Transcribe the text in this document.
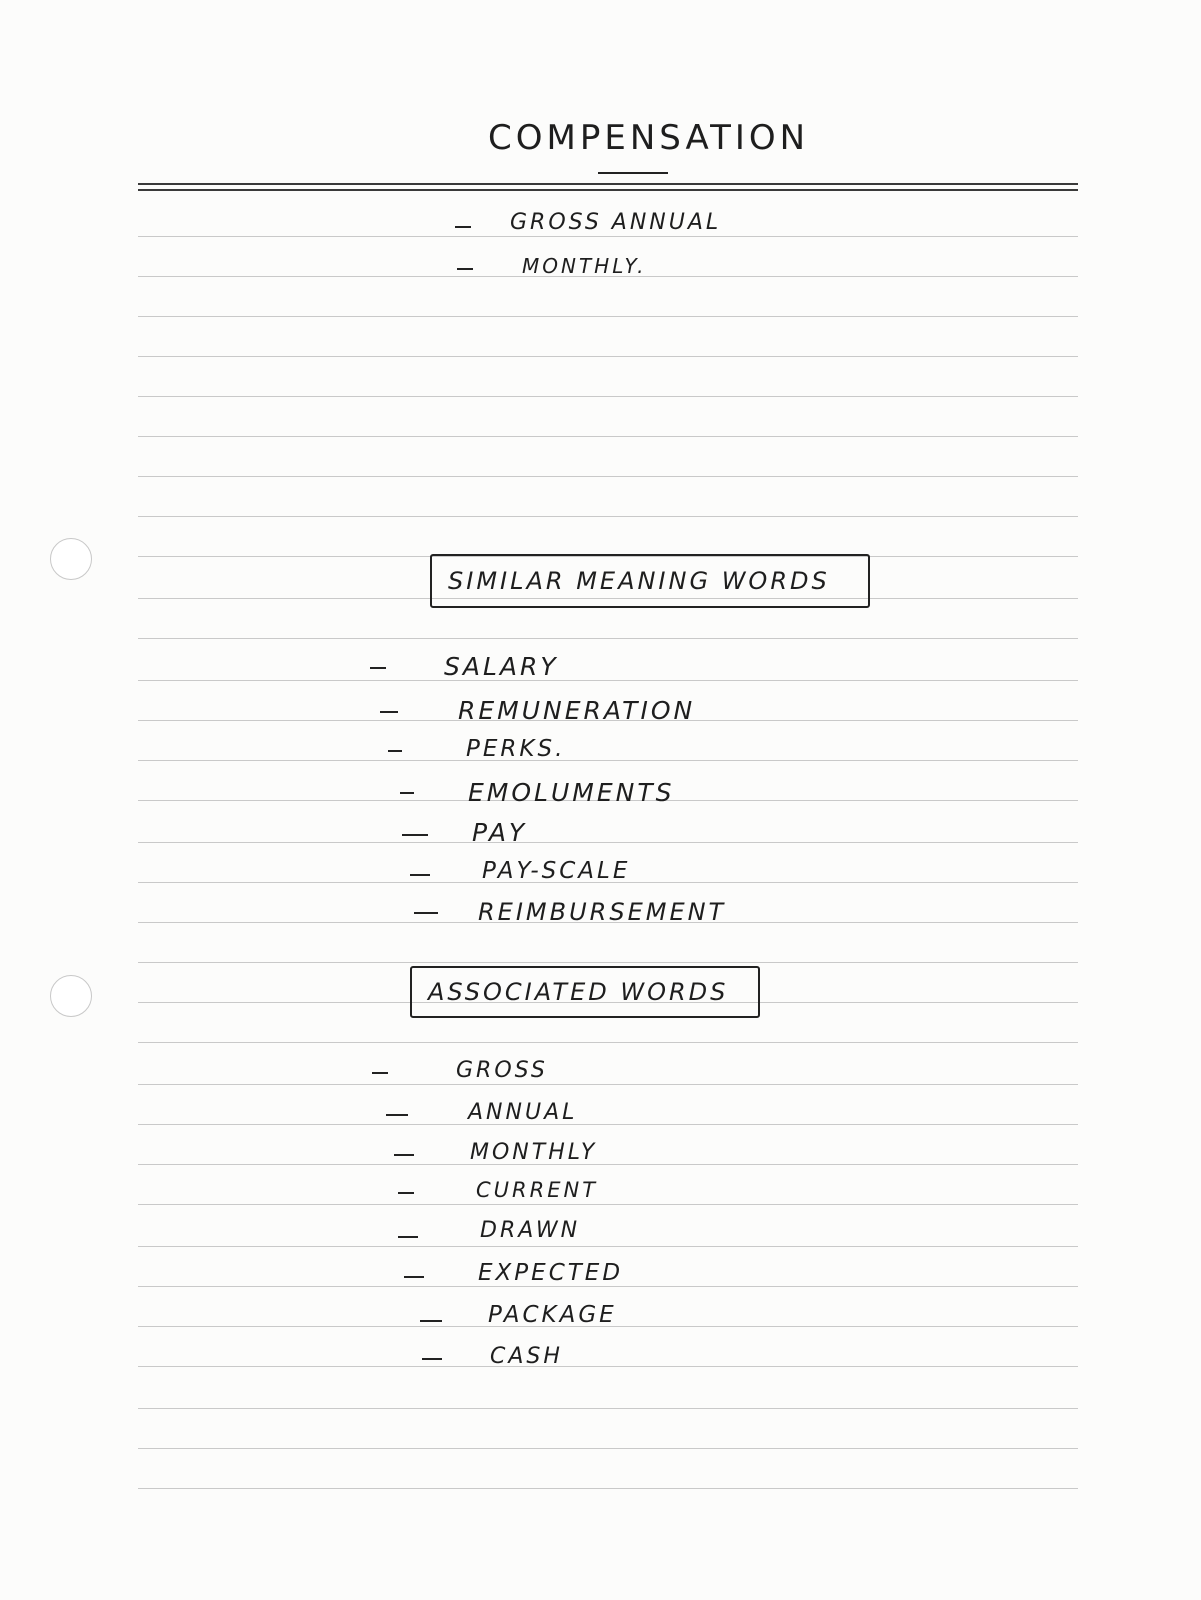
COMPENSATION
GROSS ANNUAL
MONTHLY.
SIMILAR MEANING WORDS
SALARY
REMUNERATION
PERKS.
EMOLUMENTS
PAY
PAY-SCALE
REIMBURSEMENT
ASSOCIATED WORDS
GROSS
ANNUAL
MONTHLY
CURRENT
DRAWN
EXPECTED
PACKAGE
CASH
